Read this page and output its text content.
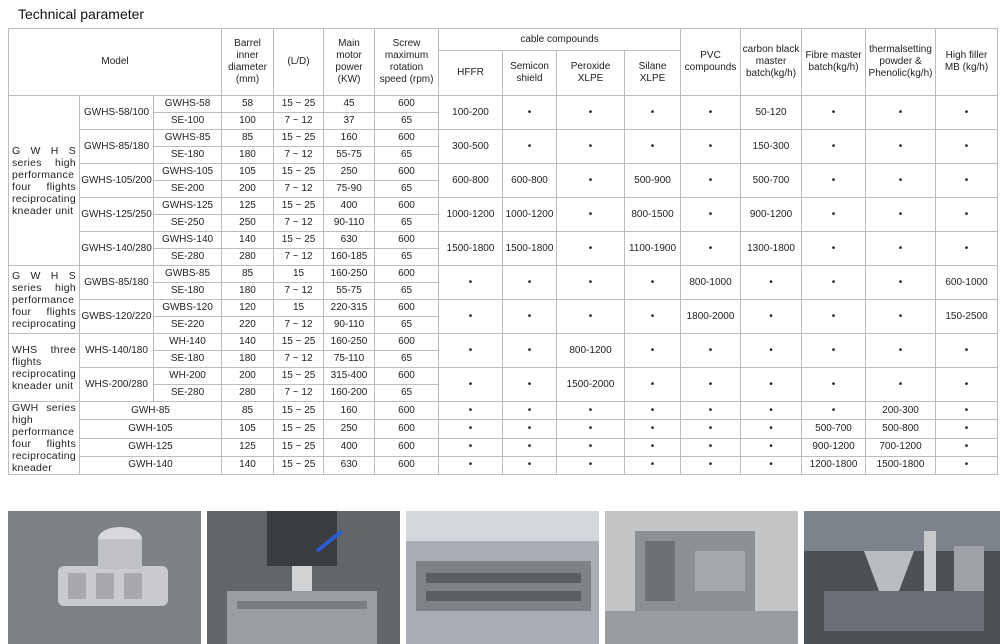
Technical parameter
Model			Barrel inner diameter (mm)	(L/D)	Main motor power (KW)	Screw maximum rotation speed (rpm)	cable compounds				PVC compounds	carbon black master batch(kg/h)	Fibre master batch(kg/h)	thermalsetting powder & Phenolic(kg/h)	High filler MB (kg/h)
							HFFR	Semicon shield	Peroxide XLPE	Silane XLPE					
G W H S series high performance four flights reciprocating kneader unit	GWHS-58/100	GWHS-58	58	15 ~ 25	45	600	100-200	•	•	•	•	50-120	•	•	•
		SE-100	100	7 ~ 12	37	65									
	GWHS-85/180	GWHS-85	85	15 ~ 25	160	600	300-500	•	•	•	•	150-300	•	•	•
		SE-180	180	7 ~ 12	55-75	65									
	GWHS-105/200	GWHS-105	105	15 ~ 25	250	600	600-800	600-800	•	500-900	•	500-700	•	•	•
		SE-200	200	7 ~ 12	75-90	65									
	GWHS-125/250	GWHS-125	125	15 ~ 25	400	600	1000-1200	1000-1200	•	800-1500	•	900-1200	•	•	•
		SE-250	250	7 ~ 12	90-110	65									
	GWHS-140/280	GWHS-140	140	15 ~ 25	630	600	1500-1800	1500-1800	•	1100-1900	•	1300-1800	•	•	•
		SE-280	280	7 ~ 12	160-185	65									
G W H S series high performance four flights reciprocating	GWBS-85/180	GWBS-85	85	15	160-250	600	•	•	•	•	800-1000	•	•	•	600-1000
		SE-180	180	7 ~ 12	55-75	65									
	GWBS-120/220	GWBS-120	120	15	220-315	600	•	•	•	•	1800-2000	•	•	•	150-2500
		SE-220	220	7 ~ 12	90-110	65									
WHS three flights reciprocating kneader unit	WHS-140/180	WH-140	140	15 ~ 25	160-250	600	•	•	800-1200	•	•	•	•	•	•
		SE-180	180	7 ~ 12	75-110	65									
	WHS-200/280	WH-200	200	15 ~ 25	315-400	600	•	•	1500-2000	•	•	•	•	•	•
		SE-280	280	7 ~ 12	160-200	65									
GWH series high performance four flights reciprocating kneader	GWH-85		85	15 ~ 25	160	600	•	•	•	•	•	•	•	200-300	•
	GWH-105		105	15 ~ 25	250	600	•	•	•	•	•	•	500-700	500-800	•
	GWH-125		125	15 ~ 25	400	600	•	•	•	•	•	•	900-1200	700-1200	•
	GWH-140		140	15 ~ 25	630	600	•	•	•	•	•	•	1200-1800	1500-1800	•
